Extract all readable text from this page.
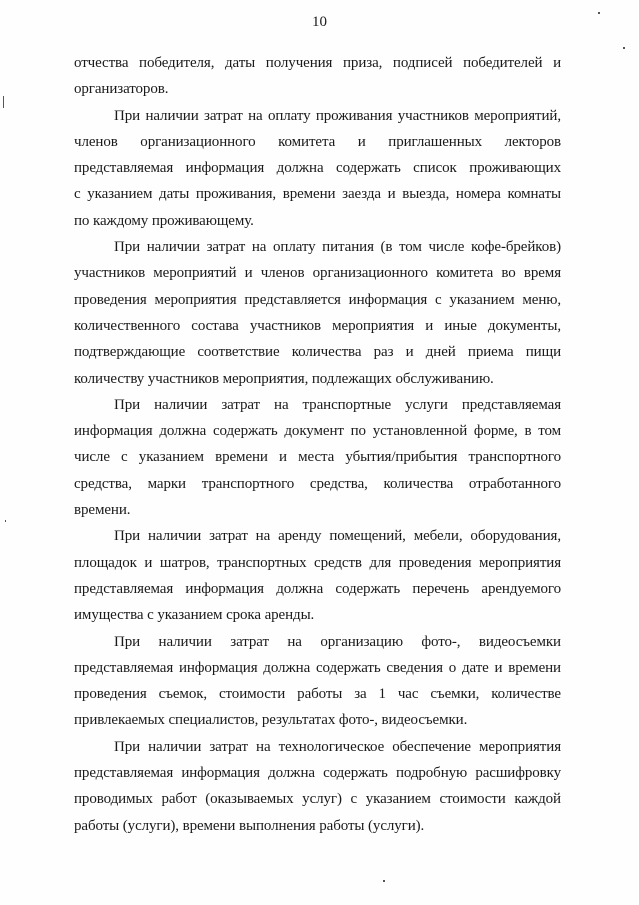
10

отчества победителя, даты получения приза, подписей победителей и
организаторов.

При наличии затрат на оплату проживания участников мероприятий,
членов организационного комитета и приглашенных лекторов
представляемая информация должна содержать список проживающих
с указанием даты проживания, времени заезда и выезда, номера комнаты
по каждому проживающему.

При наличии затрат на оплату питания (в том числе кофе-брейков)
участников мероприятий и членов организационного комитета во время
проведения мероприятия представляется информация с указанием меню,
количественного состава участников мероприятия и иные документы,
подтверждающие соответствие количества раз и дней приема пищи
количеству участников мероприятия, подлежащих обслуживанию.

При наличии затрат на транспортные услуги представляемая
информация должна содержать документ по установленной форме, в том
числе с указанием времени и места убытия/прибытия транспортного
средства, марки транспортного средства, количества отработанного
времени.

При наличии затрат на аренду помещений, мебели, оборудования,
площадок и шатров, транспортных средств для проведения мероприятия
представляемая информация должна содержать перечень арендуемого
имущества с указанием срока аренды.

При наличии затрат на организацию фото-, видеосъемки
представляемая информация должна содержать сведения о дате и времени
проведения съемок, стоимости работы за 1 час съемки, количестве
привлекаемых специалистов, результатах фото-, видеосъемки.

При наличии затрат на технологическое обеспечение мероприятия
представляемая информация должна содержать подробную расшифровку
проводимых работ (оказываемых услуг) с указанием стоимости каждой
работы (услуги), времени выполнения работы (услуги).
